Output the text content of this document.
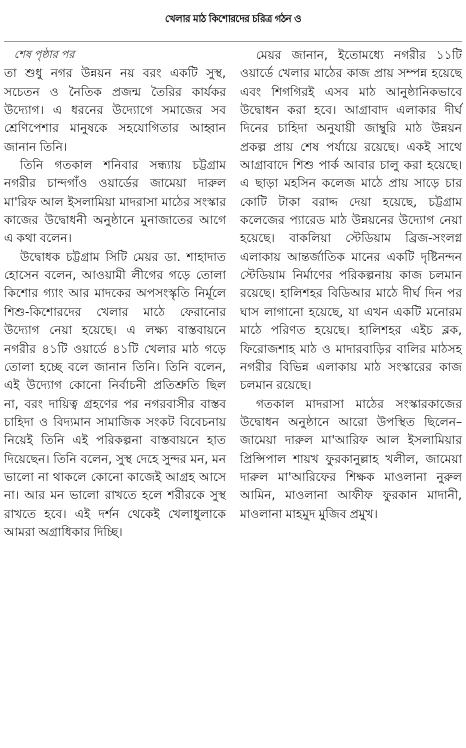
খেলার মাঠ কিশোরদের চরিত্র গঠন ও
শেষ পৃষ্ঠার পর

তা শুধু নগর উন্নয়ন নয় বরং একটি সুস্থ, সচেতন ও নৈতিক প্রজন্ম তৈরির কার্যকর উদ্যোগ। এ ধরনের উদ্যোগে সমাজের সব শ্রেণিপেশার মানুষকে সহযোগিতার আহ্বান জানান তিনি।

তিনি গতকাল শনিবার সন্ধ্যায় চট্টগ্রাম নগরীর চান্দগাঁও ওয়ার্ডের জামেয়া দারুল মা'রিফ আল ইসলামিয়া মাদরাসা মাঠের সংস্কার কাজের উদ্বোধনী অনুষ্ঠানে মুনাজাতের আগে এ কথা বলেন।

উদ্বোধক চট্টগ্রাম সিটি মেয়র ডা. শাহাদাত হোসেন বলেন, আওয়ামী লীগের গড়ে তোলা কিশোর গ্যাং আর মাদকের অপসংস্কৃতি নির্মূলে শিশু-কিশোরদের খেলার মাঠে ফেরানোর উদ্যোগ নেয়া হয়েছে। এ লক্ষ্য বাস্তবায়নে নগরীর ৪১টি ওয়ার্ডে ৪১টি খেলার মাঠ গড়ে তোলা হচ্ছে বলে জানান তিনি। তিনি বলেন, এই উদ্যোগ কোনো নির্বাচনী প্রতিশ্রুতি ছিল না, বরং দায়িত্ব গ্রহণের পর নগরবাসীর বাস্তব চাহিদা ও বিদ্যমান সামাজিক সংকট বিবেচনায় নিয়েই তিনি এই পরিকল্পনা বাস্তবায়নে হাত দিয়েছেন। তিনি বলেন, সুস্থ দেহে সুন্দর মন, মন ভালো না থাকলে কোনো কাজেই আগ্রহ আসে না। আর মন ভালো রাখতে হলে শরীরকে সুস্থ রাখতে হবে। এই দর্শন থেকেই খেলাধুলাকে আমরা অগ্রাধিকার দিচ্ছি।

মেয়র জানান, ইতোমধ্যে নগরীর ১১টি ওয়ার্ডে খেলার মাঠের কাজ প্রায় সম্পন্ন হয়েছে এবং শিগগিরই এসব মাঠ আনুষ্ঠানিকভাবে উদ্বোধন করা হবে। আগ্রাবাদ এলাকার দীর্ঘ দিনের চাহিদা অনুযায়ী জাম্বুরি মাঠ উন্নয়ন প্রকল্প প্রায় শেষ পর্যায়ে রয়েছে। একই সাথে আগ্রাবাদে শিশু পার্ক আবার চালু করা হয়েছে। এ ছাড়া মহসিন কলেজ মাঠে প্রায় সাড়ে চার কোটি টাকা বরাদ্দ দেয়া হয়েছে, চট্টগ্রাম কলেজের প্যারেড মাঠ উন্নয়নের উদ্যোগ নেয়া হয়েছে। বাকলিয়া স্টেডিয়াম ব্রিজ-সংলগ্ন এলাকায় আন্তর্জাতিক মানের একটি দৃষ্টিনন্দন স্টেডিয়াম নির্মাণের পরিকল্পনায় কাজ চলমান রয়েছে। হালিশহর বিডিআর মাঠে দীর্ঘ দিন পর ঘাস লাগানো হয়েছে, যা এখন একটি মনোরম মাঠে পরিণত হয়েছে। হালিশহর এইচ ব্লক, ফিরোজশাহ মাঠ ও মাদারবাড়ির বালির মাঠসহ নগরীর বিভিন্ন এলাকায় মাঠ সংস্কারের কাজ চলমান রয়েছে।

গতকাল মাদরাসা মাঠের সংস্কারকাজের উদ্বোধন অনুষ্ঠানে আরো উপস্থিত ছিলেন– জামেয়া দারুল মা'আরিফ আল ইসলামিয়ার প্রিন্সিপাল শায়খ ফুরকানুল্লাহ খলীল, জামেয়া দারুল মা'আরিফের শিক্ষক মাওলানা নুরুল আমিন, মাওলানা আফীফ ফুরকান মাদানী, মাওলানা মাহমুদ মুজিব প্রমুখ।
